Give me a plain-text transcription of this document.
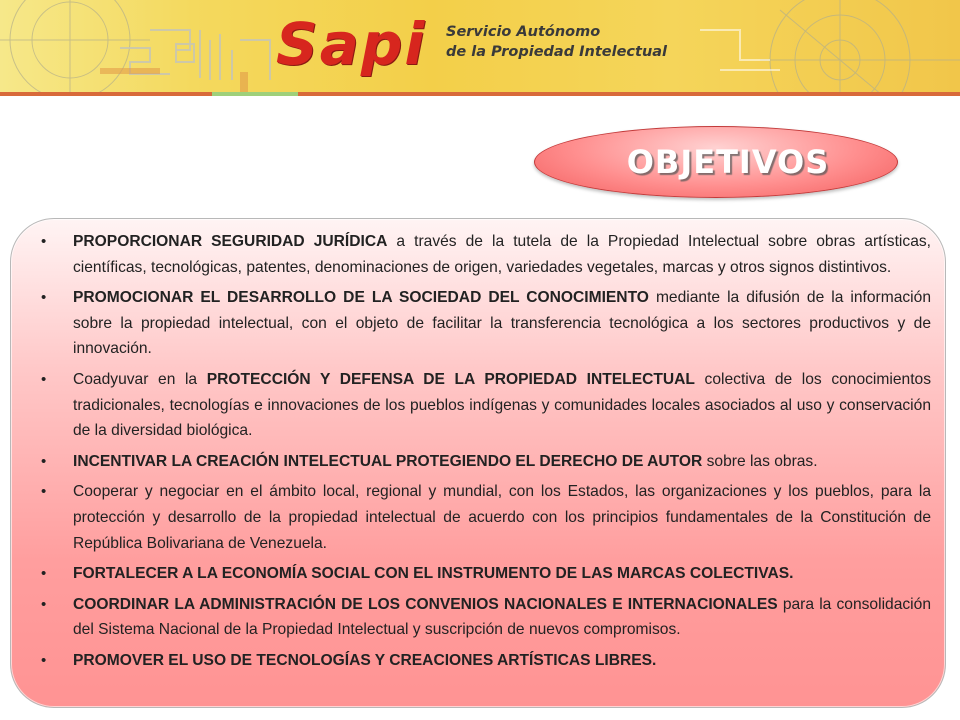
Sapi Servicio Autónomo
de la Propiedad Intelectual
OBJETIVOS
• PROPORCIONAR SEGURIDAD JURÍDICA a través de la tutela de la Propiedad Intelectual sobre obras artísticas, científicas, tecnológicas, patentes, denominaciones de origen, variedades vegetales, marcas y otros signos distintivos.
• PROMOCIONAR EL DESARROLLO DE LA SOCIEDAD DEL CONOCIMIENTO mediante la difusión de la información sobre la propiedad intelectual, con el objeto de facilitar la transferencia tecnológica a los sectores productivos y de innovación.
• Coadyuvar en la PROTECCIÓN Y DEFENSA DE LA PROPIEDAD INTELECTUAL colectiva de los conocimientos tradicionales, tecnologías e innovaciones de los pueblos indígenas y comunidades locales asociados al uso y conservación de la diversidad biológica.
• INCENTIVAR LA CREACIÓN INTELECTUAL PROTEGIENDO EL DERECHO DE AUTOR sobre las obras.
• Cooperar y negociar en el ámbito local, regional y mundial, con los Estados, las organizaciones y los pueblos, para la protección y desarrollo de la propiedad intelectual de acuerdo con los principios fundamentales de la Constitución de República Bolivariana de Venezuela.
• FORTALECER A LA ECONOMÍA SOCIAL CON EL INSTRUMENTO DE LAS MARCAS COLECTIVAS.
• COORDINAR LA ADMINISTRACIÓN DE LOS CONVENIOS NACIONALES E INTERNACIONALES para la consolidación del Sistema Nacional de la Propiedad Intelectual y suscripción de nuevos compromisos.
• PROMOVER EL USO DE TECNOLOGÍAS Y CREACIONES ARTÍSTICAS LIBRES.
